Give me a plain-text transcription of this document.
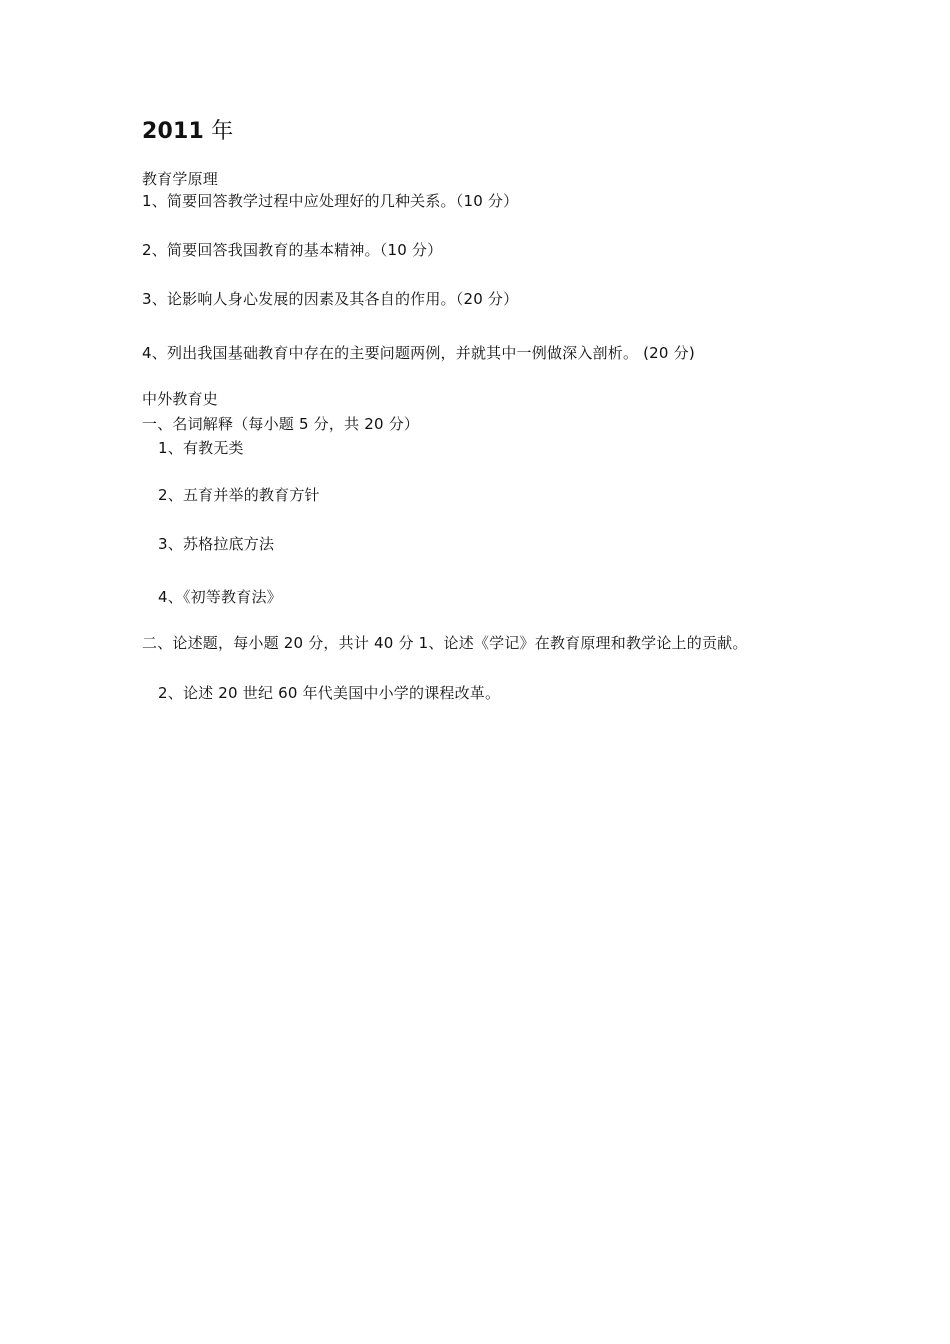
2011 年
教育学原理
1、简要回答教学过程中应处理好的几种关系。（10 分）
2、简要回答我国教育的基本精神。（10 分）
3、论影响人身心发展的因素及其各自的作用。（20 分）
4、列出我国基础教育中存在的主要问题两例，并就其中一例做深入剖析。 (20 分)
中外教育史
一、名词解释（每小题 5 分，共 20 分）
1、有教无类
2、五育并举的教育方针
3、苏格拉底方法
4、《初等教育法》
二、论述题，每小题 20 分，共计 40 分 1、论述《学记》在教育原理和教学论上的贡献。
2、论述 20 世纪 60 年代美国中小学的课程改革。
